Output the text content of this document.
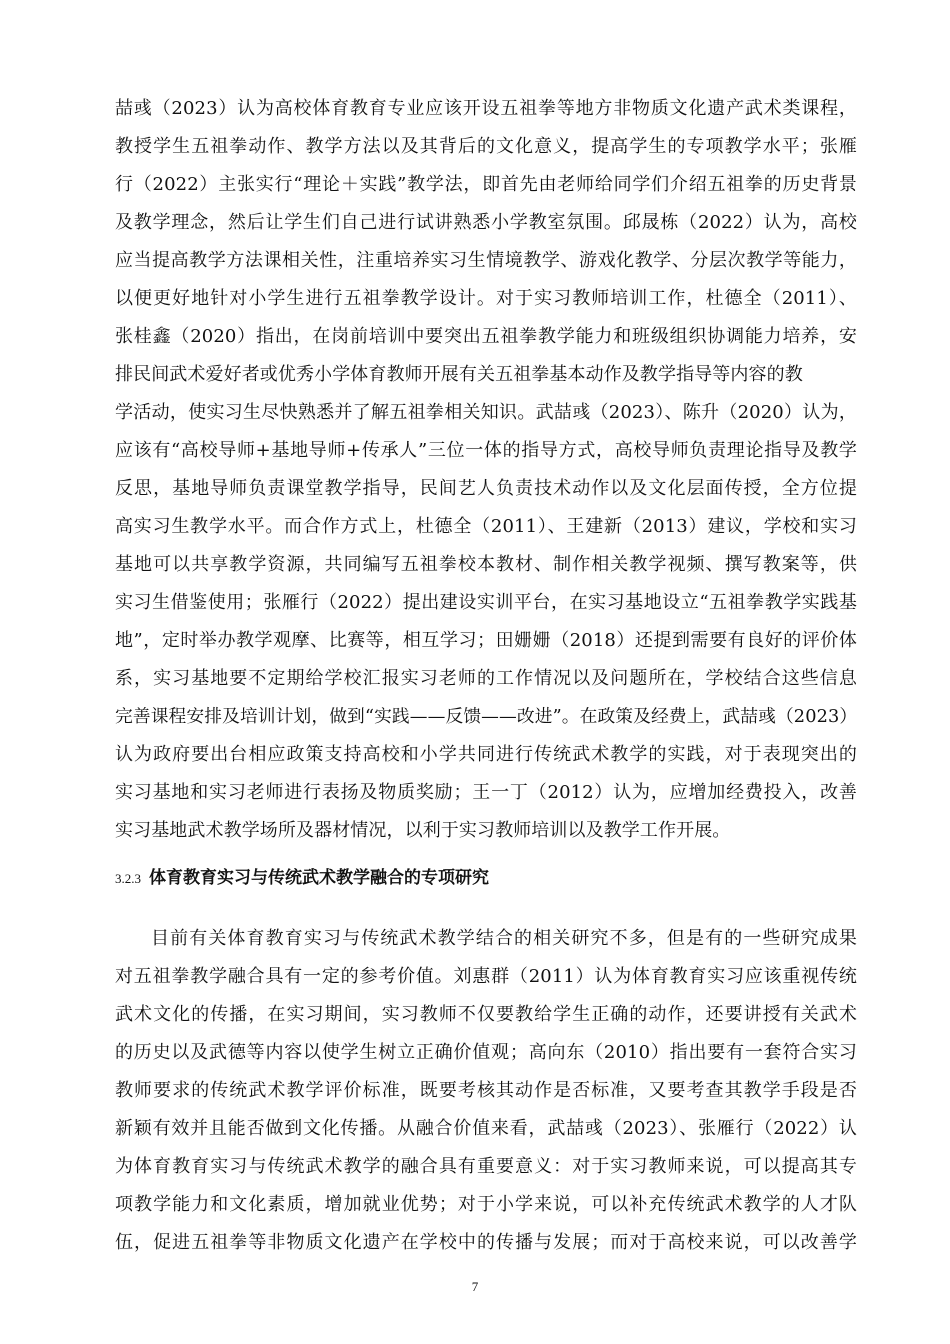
喆彧（2023）认为高校体育教育专业应该开设五祖拳等地方非物质文化遗产武术类课程，
教授学生五祖拳动作、教学方法以及其背后的文化意义，提高学生的专项教学水平；张雁
行（2022）主张实行“理论＋实践”教学法，即首先由老师给同学们介绍五祖拳的历史背景
及教学理念，然后让学生们自己进行试讲熟悉小学教室氛围。邱晟栋（2022）认为，高校
应当提高教学方法课相关性，注重培养实习生情境教学、游戏化教学、分层次教学等能力，
以便更好地针对小学生进行五祖拳教学设计。对于实习教师培训工作，杜德全（2011）、
张桂鑫（2020）指出，在岗前培训中要突出五祖拳教学能力和班级组织协调能力培养，安
排民间武术爱好者或优秀小学体育教师开展有关五祖拳基本动作及教学指导等内容的教
学活动，使实习生尽快熟悉并了解五祖拳相关知识。武喆彧（2023）、陈升（2020）认为，
应该有“高校导师+基地导师+传承人”三位一体的指导方式，高校导师负责理论指导及教学
反思，基地导师负责课堂教学指导，民间艺人负责技术动作以及文化层面传授，全方位提
高实习生教学水平。而合作方式上，杜德全（2011）、王建新（2013）建议，学校和实习
基地可以共享教学资源，共同编写五祖拳校本教材、制作相关教学视频、撰写教案等，供
实习生借鉴使用；张雁行（2022）提出建设实训平台，在实习基地设立“五祖拳教学实践基
地”，定时举办教学观摩、比赛等，相互学习；田姗姗（2018）还提到需要有良好的评价体
系，实习基地要不定期给学校汇报实习老师的工作情况以及问题所在，学校结合这些信息
完善课程安排及培训计划，做到“实践——反馈——改进”。在政策及经费上，武喆彧（2023）
认为政府要出台相应政策支持高校和小学共同进行传统武术教学的实践，对于表现突出的
实习基地和实习老师进行表扬及物质奖励；王一丁（2012）认为，应增加经费投入，改善
实习基地武术教学场所及器材情况，以利于实习教师培训以及教学工作开展。
3.2.3 体育教育实习与传统武术教学融合的专项研究
目前有关体育教育实习与传统武术教学结合的相关研究不多，但是有的一些研究成果
对五祖拳教学融合具有一定的参考价值。刘惠群（2011）认为体育教育实习应该重视传统
武术文化的传播，在实习期间，实习教师不仅要教给学生正确的动作，还要讲授有关武术
的历史以及武德等内容以使学生树立正确价值观；高向东（2010）指出要有一套符合实习
教师要求的传统武术教学评价标准，既要考核其动作是否标准，又要考查其教学手段是否
新颖有效并且能否做到文化传播。从融合价值来看，武喆彧（2023）、张雁行（2022）认
为体育教育实习与传统武术教学的融合具有重要意义：对于实习教师来说，可以提高其专
项教学能力和文化素质，增加就业优势；对于小学来说，可以补充传统武术教学的人才队
伍，促进五祖拳等非物质文化遗产在学校中的传播与发展；而对于高校来说，可以改善学
7
